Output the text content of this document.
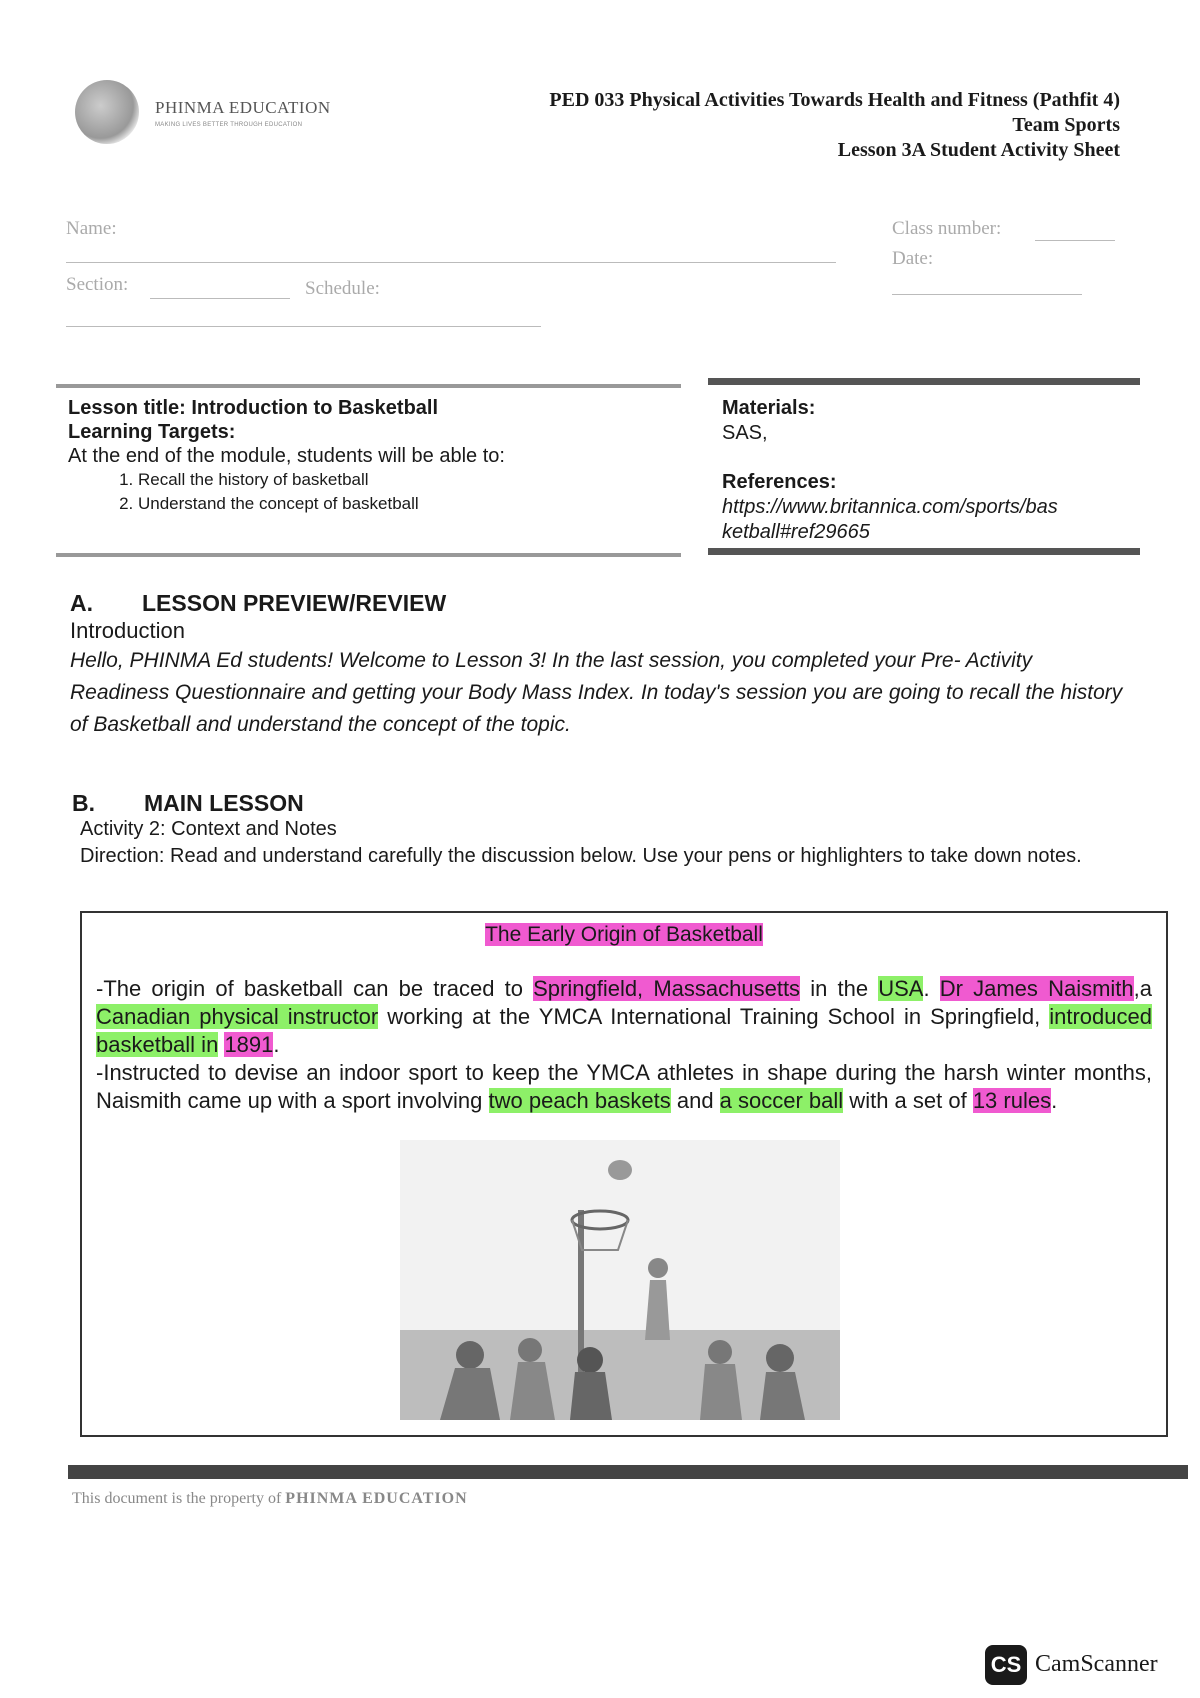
PHINMA EDUCATION
MAKING LIVES BETTER THROUGH EDUCATION
PED 033 Physical Activities Towards Health and Fitness (Pathfit 4)
Team Sports
Lesson 3A Student Activity Sheet
Name:
Section:	Schedule:
Class number:
Date:
Lesson title: Introduction to Basketball
Learning Targets:
At the end of the module, students will be able to:
1. Recall the history of basketball
2. Understand the concept of basketball
Materials:
SAS,
References:
https://www.britannica.com/sports/bas
ketball#ref29665
A. LESSON PREVIEW/REVIEW
Introduction
Hello, PHINMA Ed students! Welcome to Lesson 3! In the last session, you completed your Pre- Activity Readiness Questionnaire and getting your Body Mass Index. In today's session you are going to recall the history of Basketball and understand the concept of the topic.
B. MAIN LESSON
Activity 2: Context and Notes
Direction: Read and understand carefully the discussion below. Use your pens or highlighters to take down notes.
The Early Origin of Basketball

-The origin of basketball can be traced to Springfield, Massachusetts in the USA. Dr James Naismith,a Canadian physical instructor working at the YMCA International Training School in Springfield, introduced basketball in 1891.

-Instructed to devise an indoor sport to keep the YMCA athletes in shape during the harsh winter months, Naismith came up with a sport involving two peach baskets and a soccer ball with a set of 13 rules.

This document is the property of PHINMA EDUCATION
CS CamScanner
